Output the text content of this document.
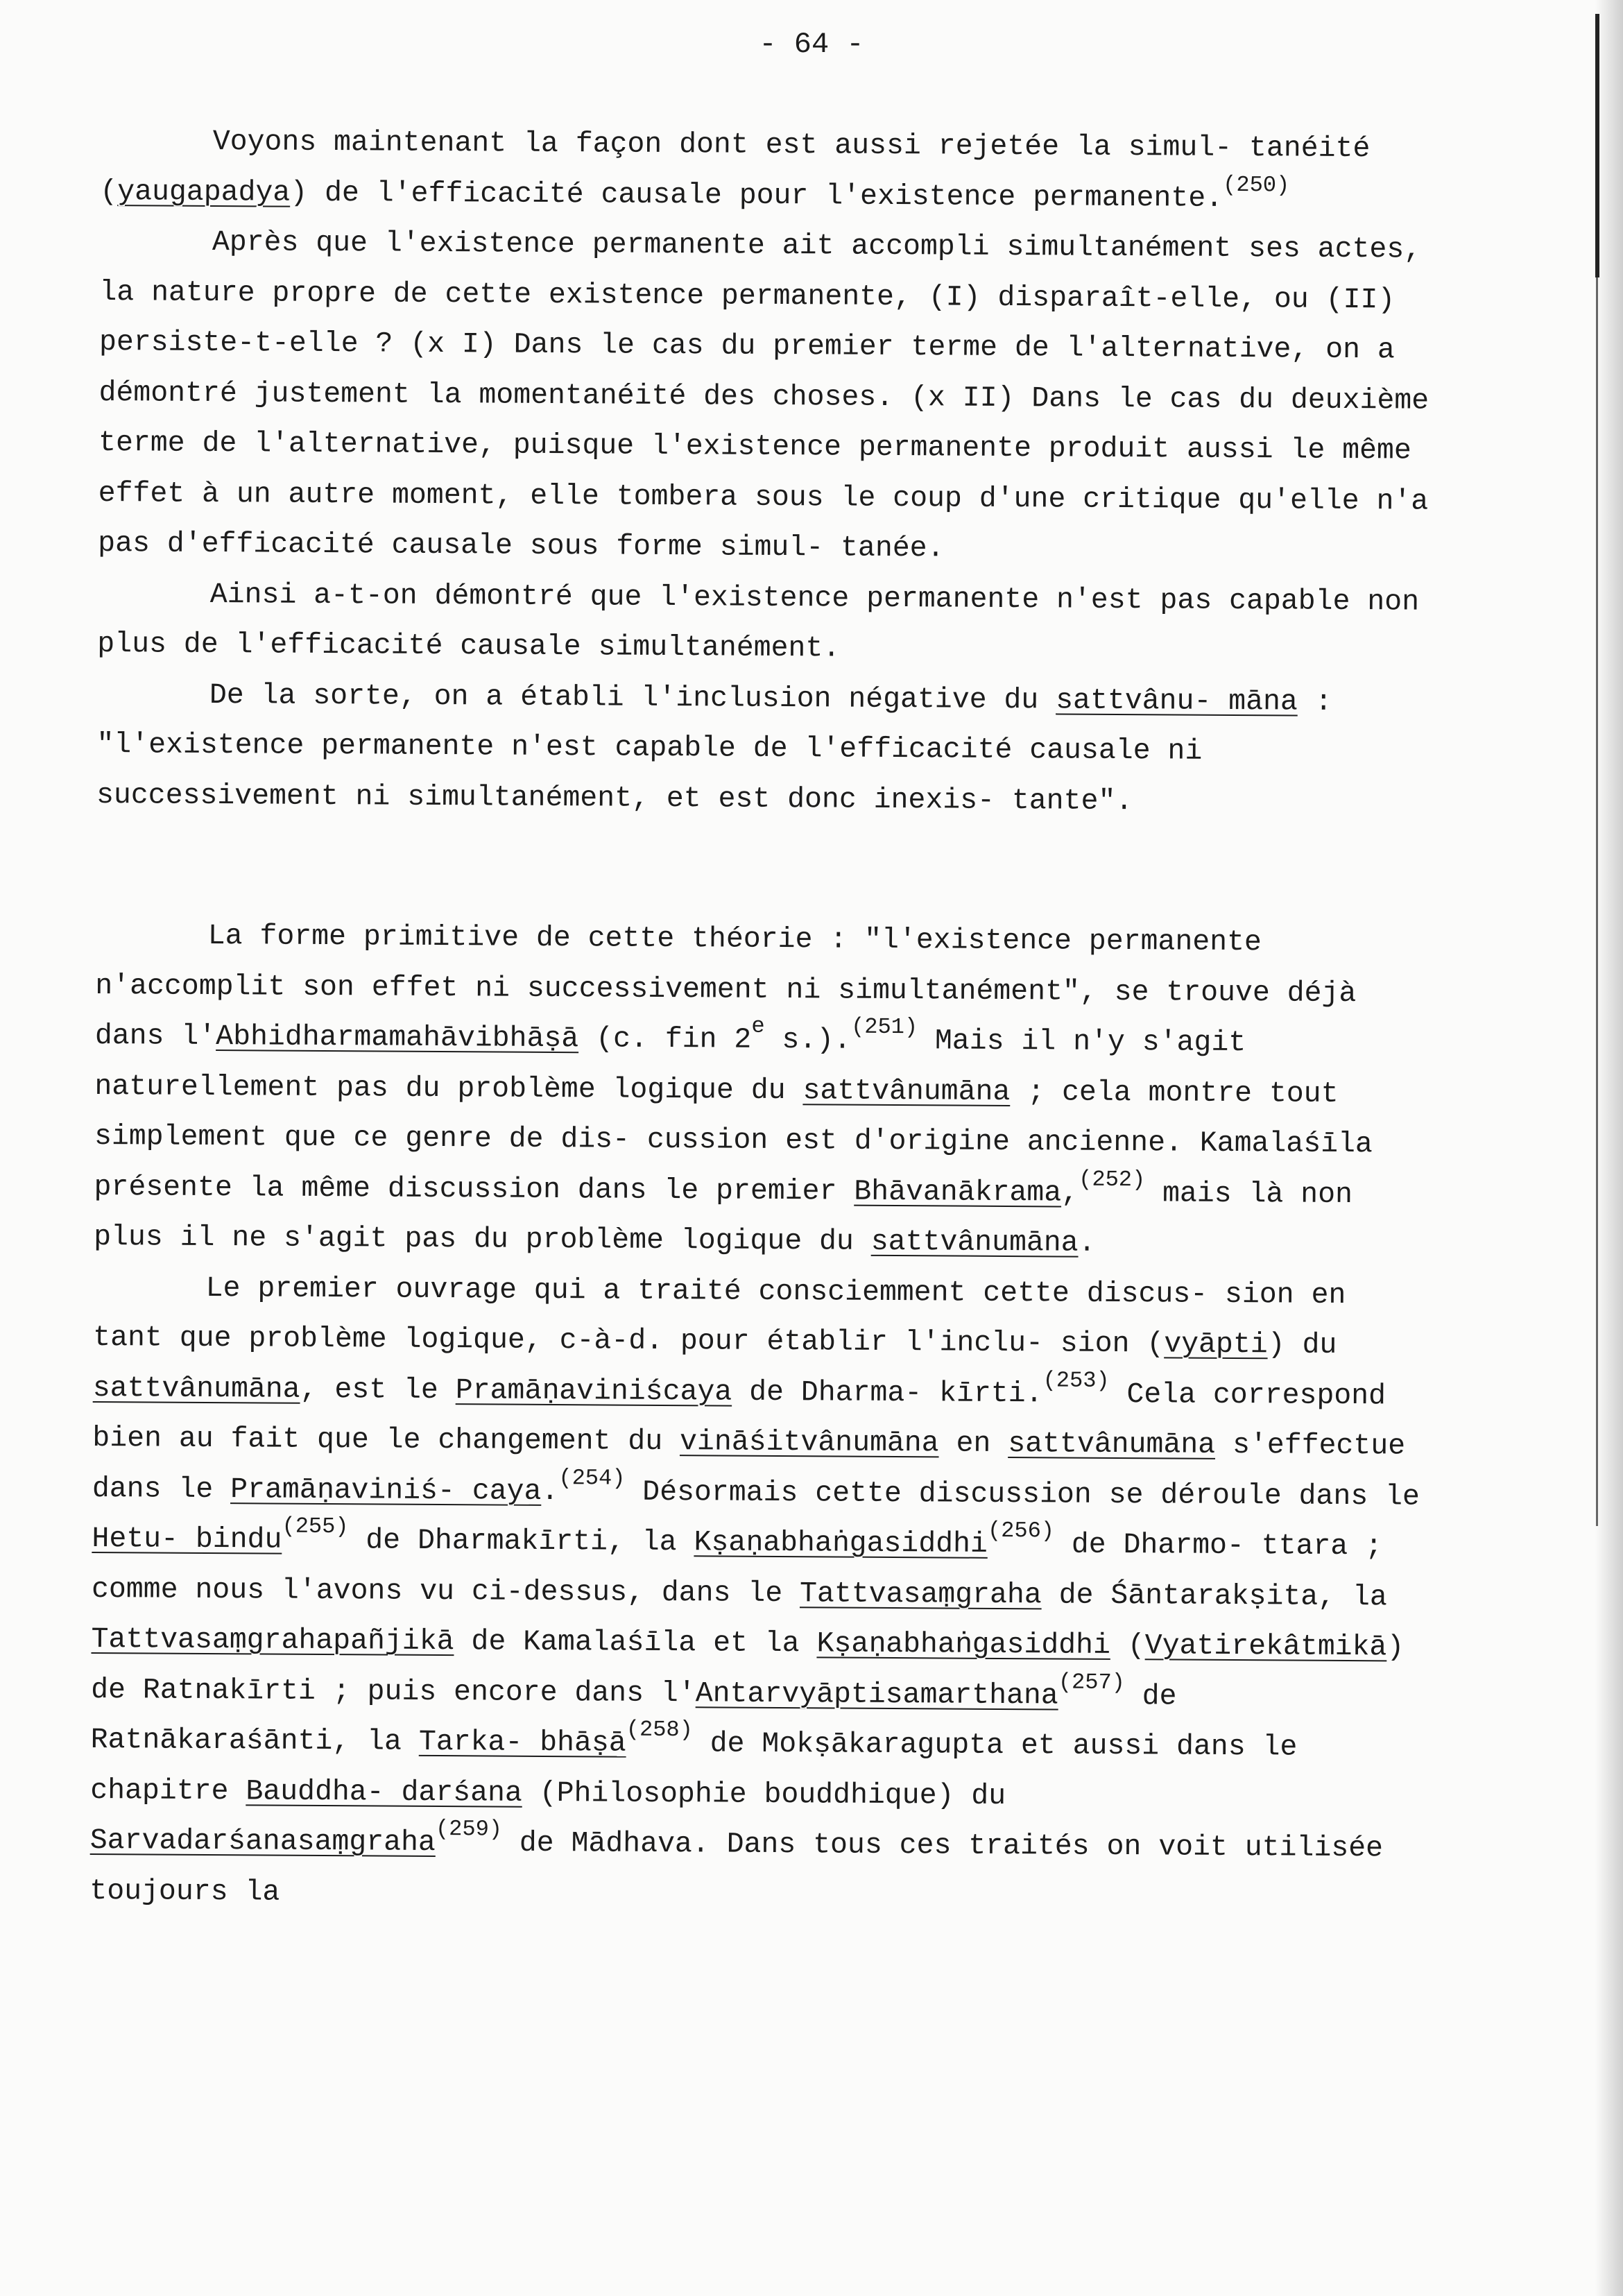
- 64 -

Voyons maintenant la façon dont est aussi rejetée la simul- tanéité (yaugapadya) de l'efficacité causale pour l'existence permanente.$^{(250)}$

Après que l'existence permanente ait accompli simultanément ses actes, la nature propre de cette existence permanente, (I) disparaît-elle, ou (II) persiste-t-elle ? (x I) Dans le cas du premier terme de l'alternative, on a démontré justement la momentanéité des choses. (x II) Dans le cas du deuxième terme de l'alternative, puisque l'existence permanente produit aussi le même effet à un autre moment, elle tombera sous le coup d'une critique qu'elle n'a pas d'efficacité causale sous forme simul- tanée.

Ainsi a-t-on démontré que l'existence permanente n'est pas capable non plus de l'efficacité causale simultanément.

De la sorte, on a établi l'inclusion négative du sattvânu- māna : "l'existence permanente n'est capable de l'efficacité causale ni successivement ni simultanément, et est donc inexis- tante".

La forme primitive de cette théorie : "l'existence permanente n'accomplit son effet ni successivement ni simultanément", se trouve déjà dans l'Abhidharmamahāvibhāṣā (c. fin 2e s.).$^{(251)}$ Mais il n'y s'agit naturellement pas du problème logique du sattvânumāna ; cela montre tout simplement que ce genre de dis- cussion est d'origine ancienne. Kamalaśīla présente la même discussion dans le premier Bhāvanākrama,$^{(252)}$ mais là non plus il ne s'agit pas du problème logique du sattvânumāna.

Le premier ouvrage qui a traité consciemment cette discus- sion en tant que problème logique, c-à-d. pour établir l'inclu- sion (vyāpti) du sattvânumāna, est le Pramāṇaviniścaya de Dharma- kīrti.$^{(253)}$ Cela correspond bien au fait que le changement du vināśitvânumāna en sattvânumāna s'effectue dans le Pramāṇaviniś- caya.$^{(254)}$ Désormais cette discussion se déroule dans le Hetu- bindu$^{(255)}$ de Dharmakīrti, la Kṣaṇabhaṅgasiddhi$^{(256)}$ de Dharmo- ttara ; comme nous l'avons vu ci-dessus, dans le Tattvasaṃgraha de Śāntarakṣita, la Tattvasaṃgrahapañjikā de Kamalaśīla et la Kṣaṇabhaṅgasiddhi (Vyatirekâtmikā) de Ratnakīrti ; puis encore dans l'Antarvyāptisamarthana$^{(257)}$ de Ratnākaraśānti, la Tarka- bhāṣā$^{(258)}$ de Mokṣākaragupta et aussi dans le chapitre Bauddha- darśana (Philosophie bouddhique) du Sarvadarśanasaṃgraha$^{(259)}$ de Mādhava. Dans tous ces traités on voit utilisée toujours la
